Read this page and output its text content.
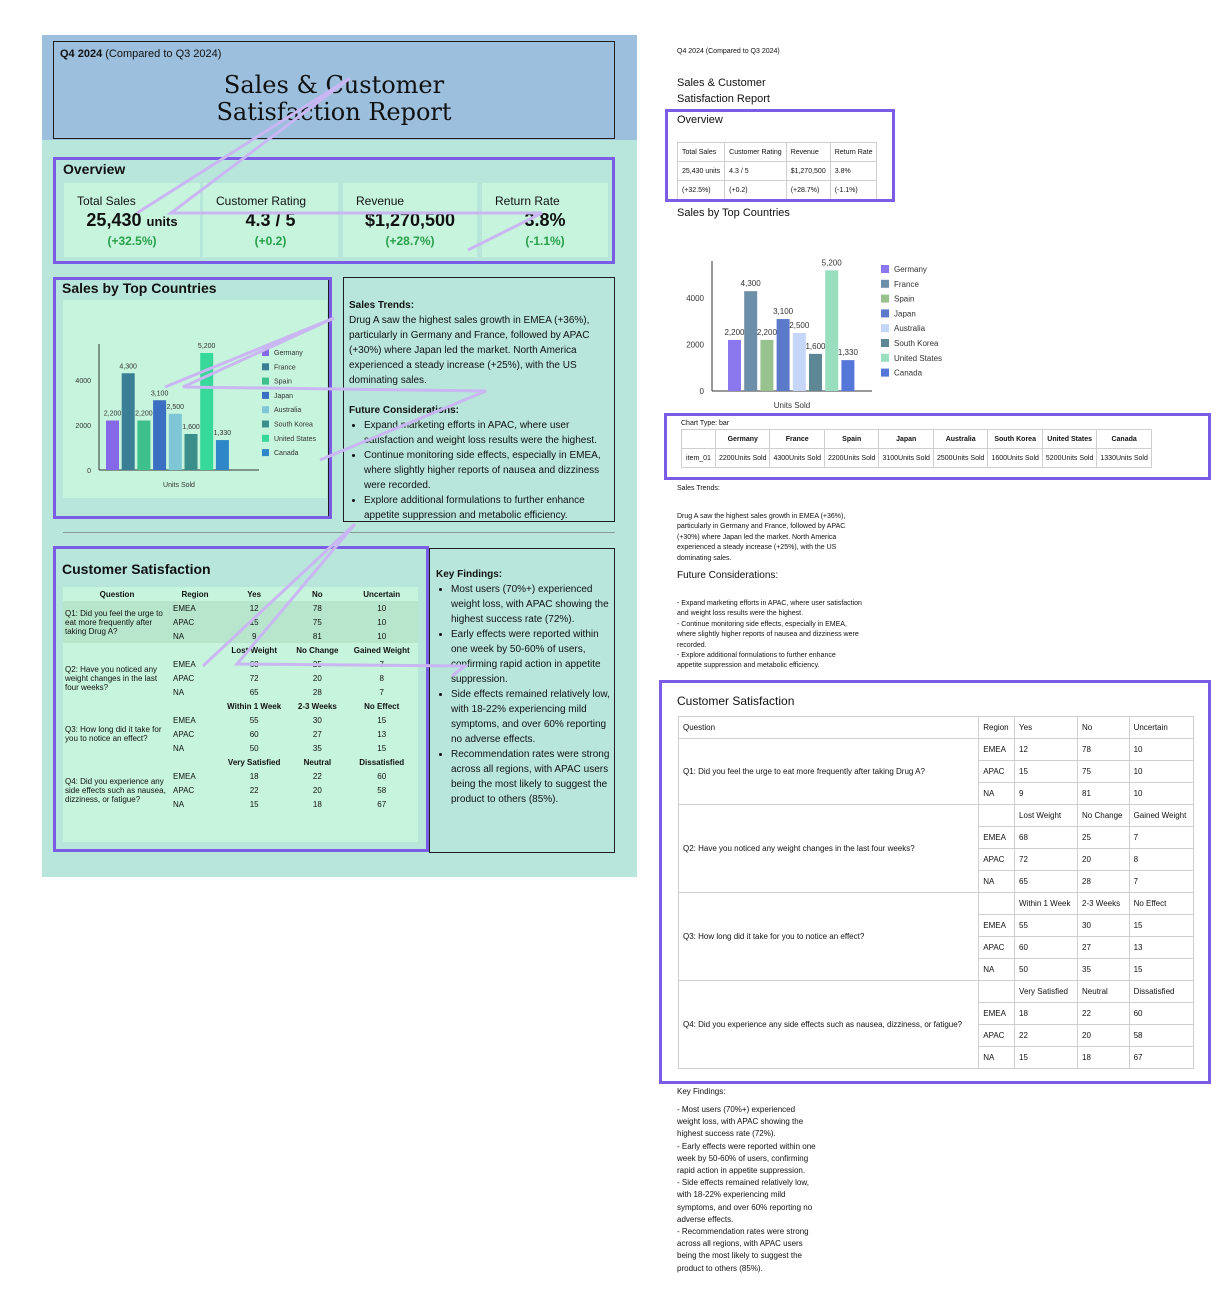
Q4 2024 (Compared to Q3 2024)
Sales & Customer
Satisfaction Report
Overview
Total Sales
25,430 units
(+32.5%)
Customer Rating
4.3 / 5
(+0.2)
Revenue
$1,270,500
(+28.7%)
Return Rate
3.8%
(-1.1%)
Sales by Top Countries
0
2000
4000
2,200
4,300
2,200
3,100
2,500
1,600
5,200
1,330
Units Sold
Germany
France
Spain
Japan
Australia
South Korea
United States
Canada
Sales Trends:

Drug A saw the highest sales growth in EMEA (+36%), particularly in Germany and France, followed by APAC (+30%) where Japan led the market. North America experienced a steady increase (+25%), with the US dominating sales.

Future Considerations:
• Expand marketing efforts in APAC, where user satisfaction and weight loss results were the highest.
• Continue monitoring side effects, especially in EMEA, where slightly higher reports of nausea and dizziness were recorded.
• Explore additional formulations to further enhance appetite suppression and metabolic efficiency.
Customer Satisfaction
Question	Region	Yes	No	Uncertain
Q1: Did you feel the urge to eat more frequently after taking Drug A?	EMEA	12	78	10
	APAC	15	75	10
	NA	9	81	10
		Lost Weight	No Change	Gained Weight
Q2: Have you noticed any weight changes in the last four weeks?	EMEA	68	25	7
	APAC	72	20	8
	NA	65	28	7
		Within 1 Week	2-3 Weeks	No Effect
Q3: How long did it take for you to notice an effect?	EMEA	55	30	15
	APAC	60	27	13
	NA	50	35	15
		Very Satisfied	Neutral	Dissatisfied
Q4: Did you experience any side effects such as nausea, dizziness, or fatigue?	EMEA	18	22	60
	APAC	22	20	58
	NA	15	18	67
Key Findings:
• Most users (70%+) experienced weight loss, with APAC showing the highest success rate (72%).
• Early effects were reported within one week by 50-60% of users, confirming rapid action in appetite suppression.
• Side effects remained relatively low, with 18-22% experiencing mild symptoms, and over 60% reporting no adverse effects.
• Recommendation rates were strong across all regions, with APAC users being the most likely to suggest the product to others (85%).
Q4 2024 (Compared to Q3 2024)
Sales & Customer
Satisfaction Report
Overview
Total Sales	Customer Rating	Revenue	Return Rate
25,430 units	4.3 / 5	$1,270,500	3.8%
(+32.5%)	(+0.2)	(+28.7%)	(-1.1%)
Sales by Top Countries
0
2000
4000
2,200
4,300
2,200
3,100
2,500
1,600
5,200
1,330
Units Sold
Germany
France
Spain
Japan
Australia
South Korea
United States
Canada
Chart Type: bar
	Germany	France	Spain	Japan	Australia	South Korea	United States	Canada
item_01	2200Units Sold	4300Units Sold	2200Units Sold	3100Units Sold	2500Units Sold	1600Units Sold	5200Units Sold	1330Units Sold
Sales Trends:
Drug A saw the highest sales growth in EMEA (+36%), particularly in Germany and France, followed by APAC (+30%) where Japan led the market. North America experienced a steady increase (+25%), with the US dominating sales.
Future Considerations:
- Expand marketing efforts in APAC, where user satisfaction and weight loss results were the highest.
- Continue monitoring side effects, especially in EMEA, where slightly higher reports of nausea and dizziness were recorded.
- Explore additional formulations to further enhance appetite suppression and metabolic efficiency.
Customer Satisfaction
Question	Region	Yes	No	Uncertain
Q1: Did you feel the urge to eat more frequently after taking Drug A?	EMEA	12	78	10
	APAC	15	75	10
	NA	9	81	10
Q2: Have you noticed any weight changes in the last four weeks?		Lost Weight	No Change	Gained Weight
	EMEA	68	25	7
	APAC	72	20	8
	NA	65	28	7
Q3: How long did it take for you to notice an effect?		Within 1 Week	2-3 Weeks	No Effect
	EMEA	55	30	15
	APAC	60	27	13
	NA	50	35	15
Q4: Did you experience any side effects such as nausea, dizziness, or fatigue?		Very Satisfied	Neutral	Dissatisfied
	EMEA	18	22	60
	APAC	22	20	58
	NA	15	18	67
Key Findings:
- Most users (70%+) experienced weight loss, with APAC showing the highest success rate (72%).
- Early effects were reported within one week by 50-60% of users, confirming rapid action in appetite suppression.
- Side effects remained relatively low, with 18-22% experiencing mild symptoms, and over 60% reporting no adverse effects.
- Recommendation rates were strong across all regions, with APAC users being the most likely to suggest the product to others (85%).
